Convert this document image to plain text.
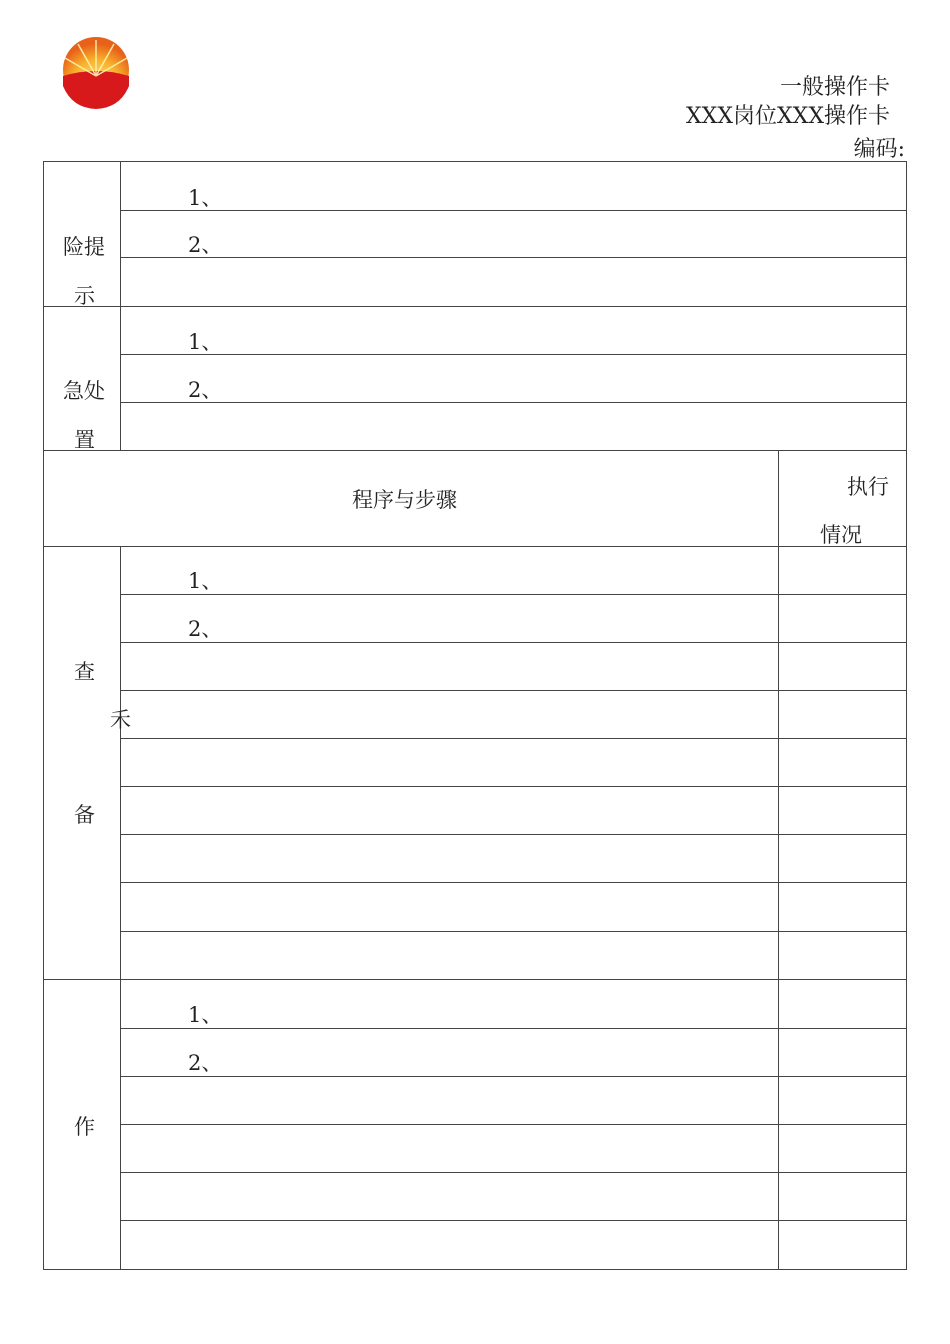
一般操作卡
XXX岗位XXX操作卡
编码:
险提
示
1、
2、
急处
置
1、
2、
程序与步骤
执行
情况
查
禾
备
1、
2、
作
1、
2、
